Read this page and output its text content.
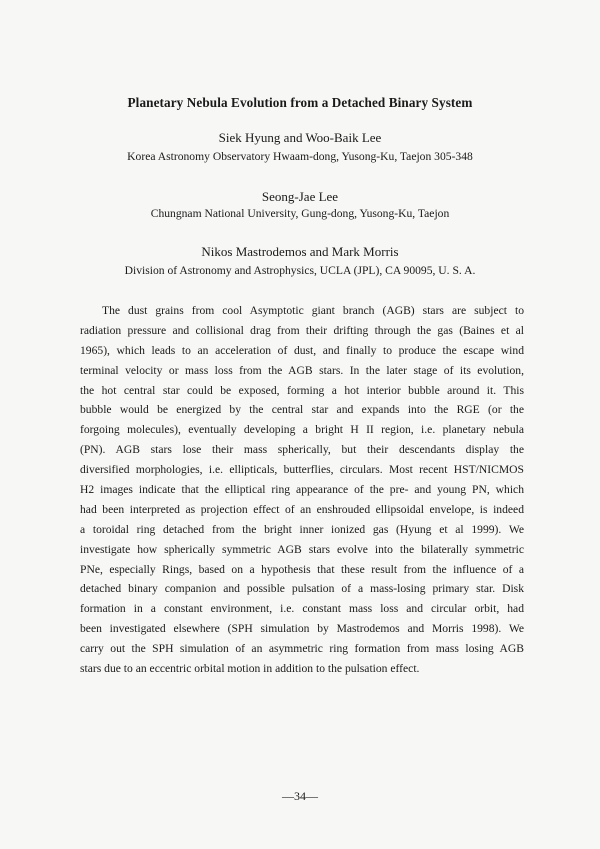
Planetary Nebula Evolution from a Detached Binary System
Siek Hyung and Woo-Baik Lee
Korea Astronomy Observatory Hwaam-dong, Yusong-Ku, Taejon 305-348
Seong-Jae Lee
Chungnam National University, Gung-dong, Yusong-Ku, Taejon
Nikos Mastrodemos and Mark Morris
Division of Astronomy and Astrophysics, UCLA (JPL), CA 90095, U. S. A.
The dust grains from cool Asymptotic giant branch (AGB) stars are subject to
radiation pressure and collisional drag from their drifting through the gas (Baines et al
1965), which leads to an acceleration of dust, and finally to produce the escape wind
terminal velocity or mass loss from the AGB stars. In the later stage of its evolution,
the hot central star could be exposed, forming a hot interior bubble around it. This
bubble would be energized by the central star and expands into the RGE (or the
forgoing molecules), eventually developing a bright H II region, i.e. planetary nebula
(PN). AGB stars lose their mass spherically, but their descendants display the
diversified morphologies, i.e. ellipticals, butterflies, circulars. Most recent HST/NICMOS
H2 images indicate that the elliptical ring appearance of the pre- and young PN, which
had been interpreted as projection effect of an enshrouded ellipsoidal envelope, is indeed
a toroidal ring detached from the bright inner ionized gas (Hyung et al 1999). We
investigate how spherically symmetric AGB stars evolve into the bilaterally symmetric
PNe, especially Rings, based on a hypothesis that these result from the influence of a
detached binary companion and possible pulsation of a mass-losing primary star. Disk
formation in a constant environment, i.e. constant mass loss and circular orbit, had
been investigated elsewhere (SPH simulation by Mastrodemos and Morris 1998). We
carry out the SPH simulation of an asymmetric ring formation from mass losing AGB
stars due to an eccentric orbital motion in addition to the pulsation effect.
—34—
